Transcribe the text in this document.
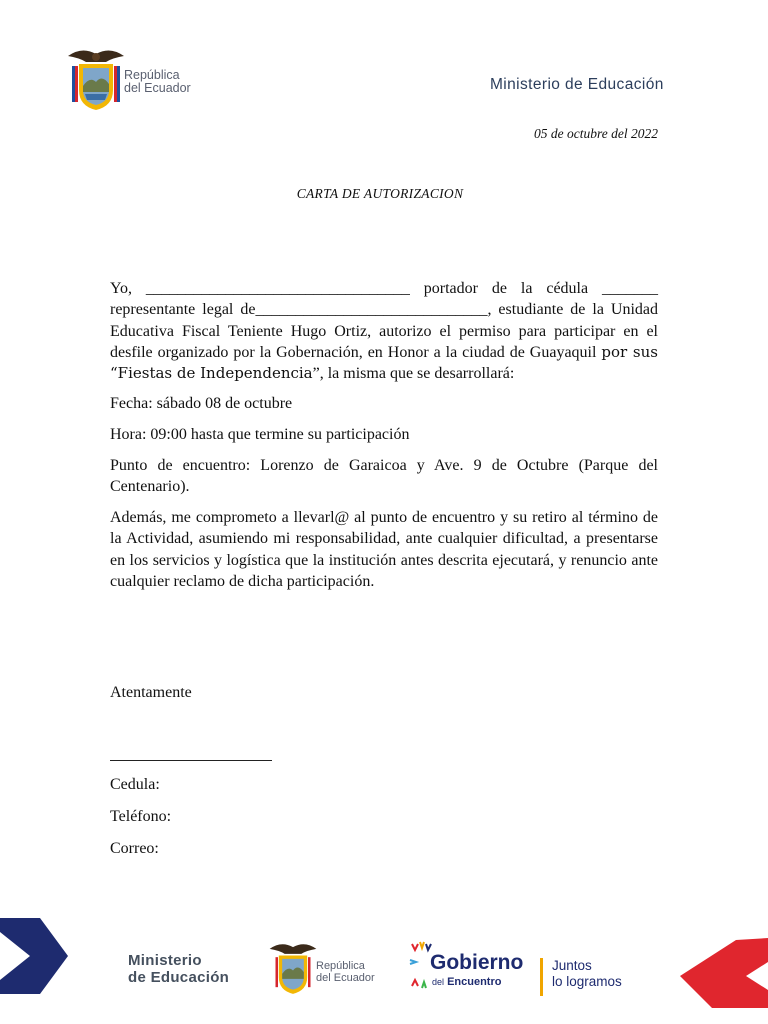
República
del Ecuador	Ministerio de Educación
05 de octubre del 2022
CARTA DE AUTORIZACION

Yo, _________________________________ portador de la cédula _______ representante legal de_____________________________, estudiante de la Unidad Educativa Fiscal Teniente Hugo Ortiz, autorizo el permiso para participar en el desfile organizado por la Gobernación, en Honor a la ciudad de Guayaquil por sus “Fiestas de Independencia”, la misma que se desarrollará:

Fecha: sábado 08 de octubre

Hora: 09:00 hasta que termine su participación

Punto de encuentro: Lorenzo de Garaicoa y Ave. 9 de Octubre (Parque del Centenario).

Además, me comprometo a llevarl@ al punto de encuentro y su retiro al término de la Actividad, asumiendo mi responsabilidad, ante cualquier dificultad, a presentarse en los servicios y logística que la institución antes descrita ejecutará, y renuncio ante cualquier reclamo de dicha participación.

Atentamente
Cedula:
Teléfono:
Correo:
Ministerio
de Educación
República
del Ecuador
Gobierno
del Encuentro
Juntos
lo logramos
